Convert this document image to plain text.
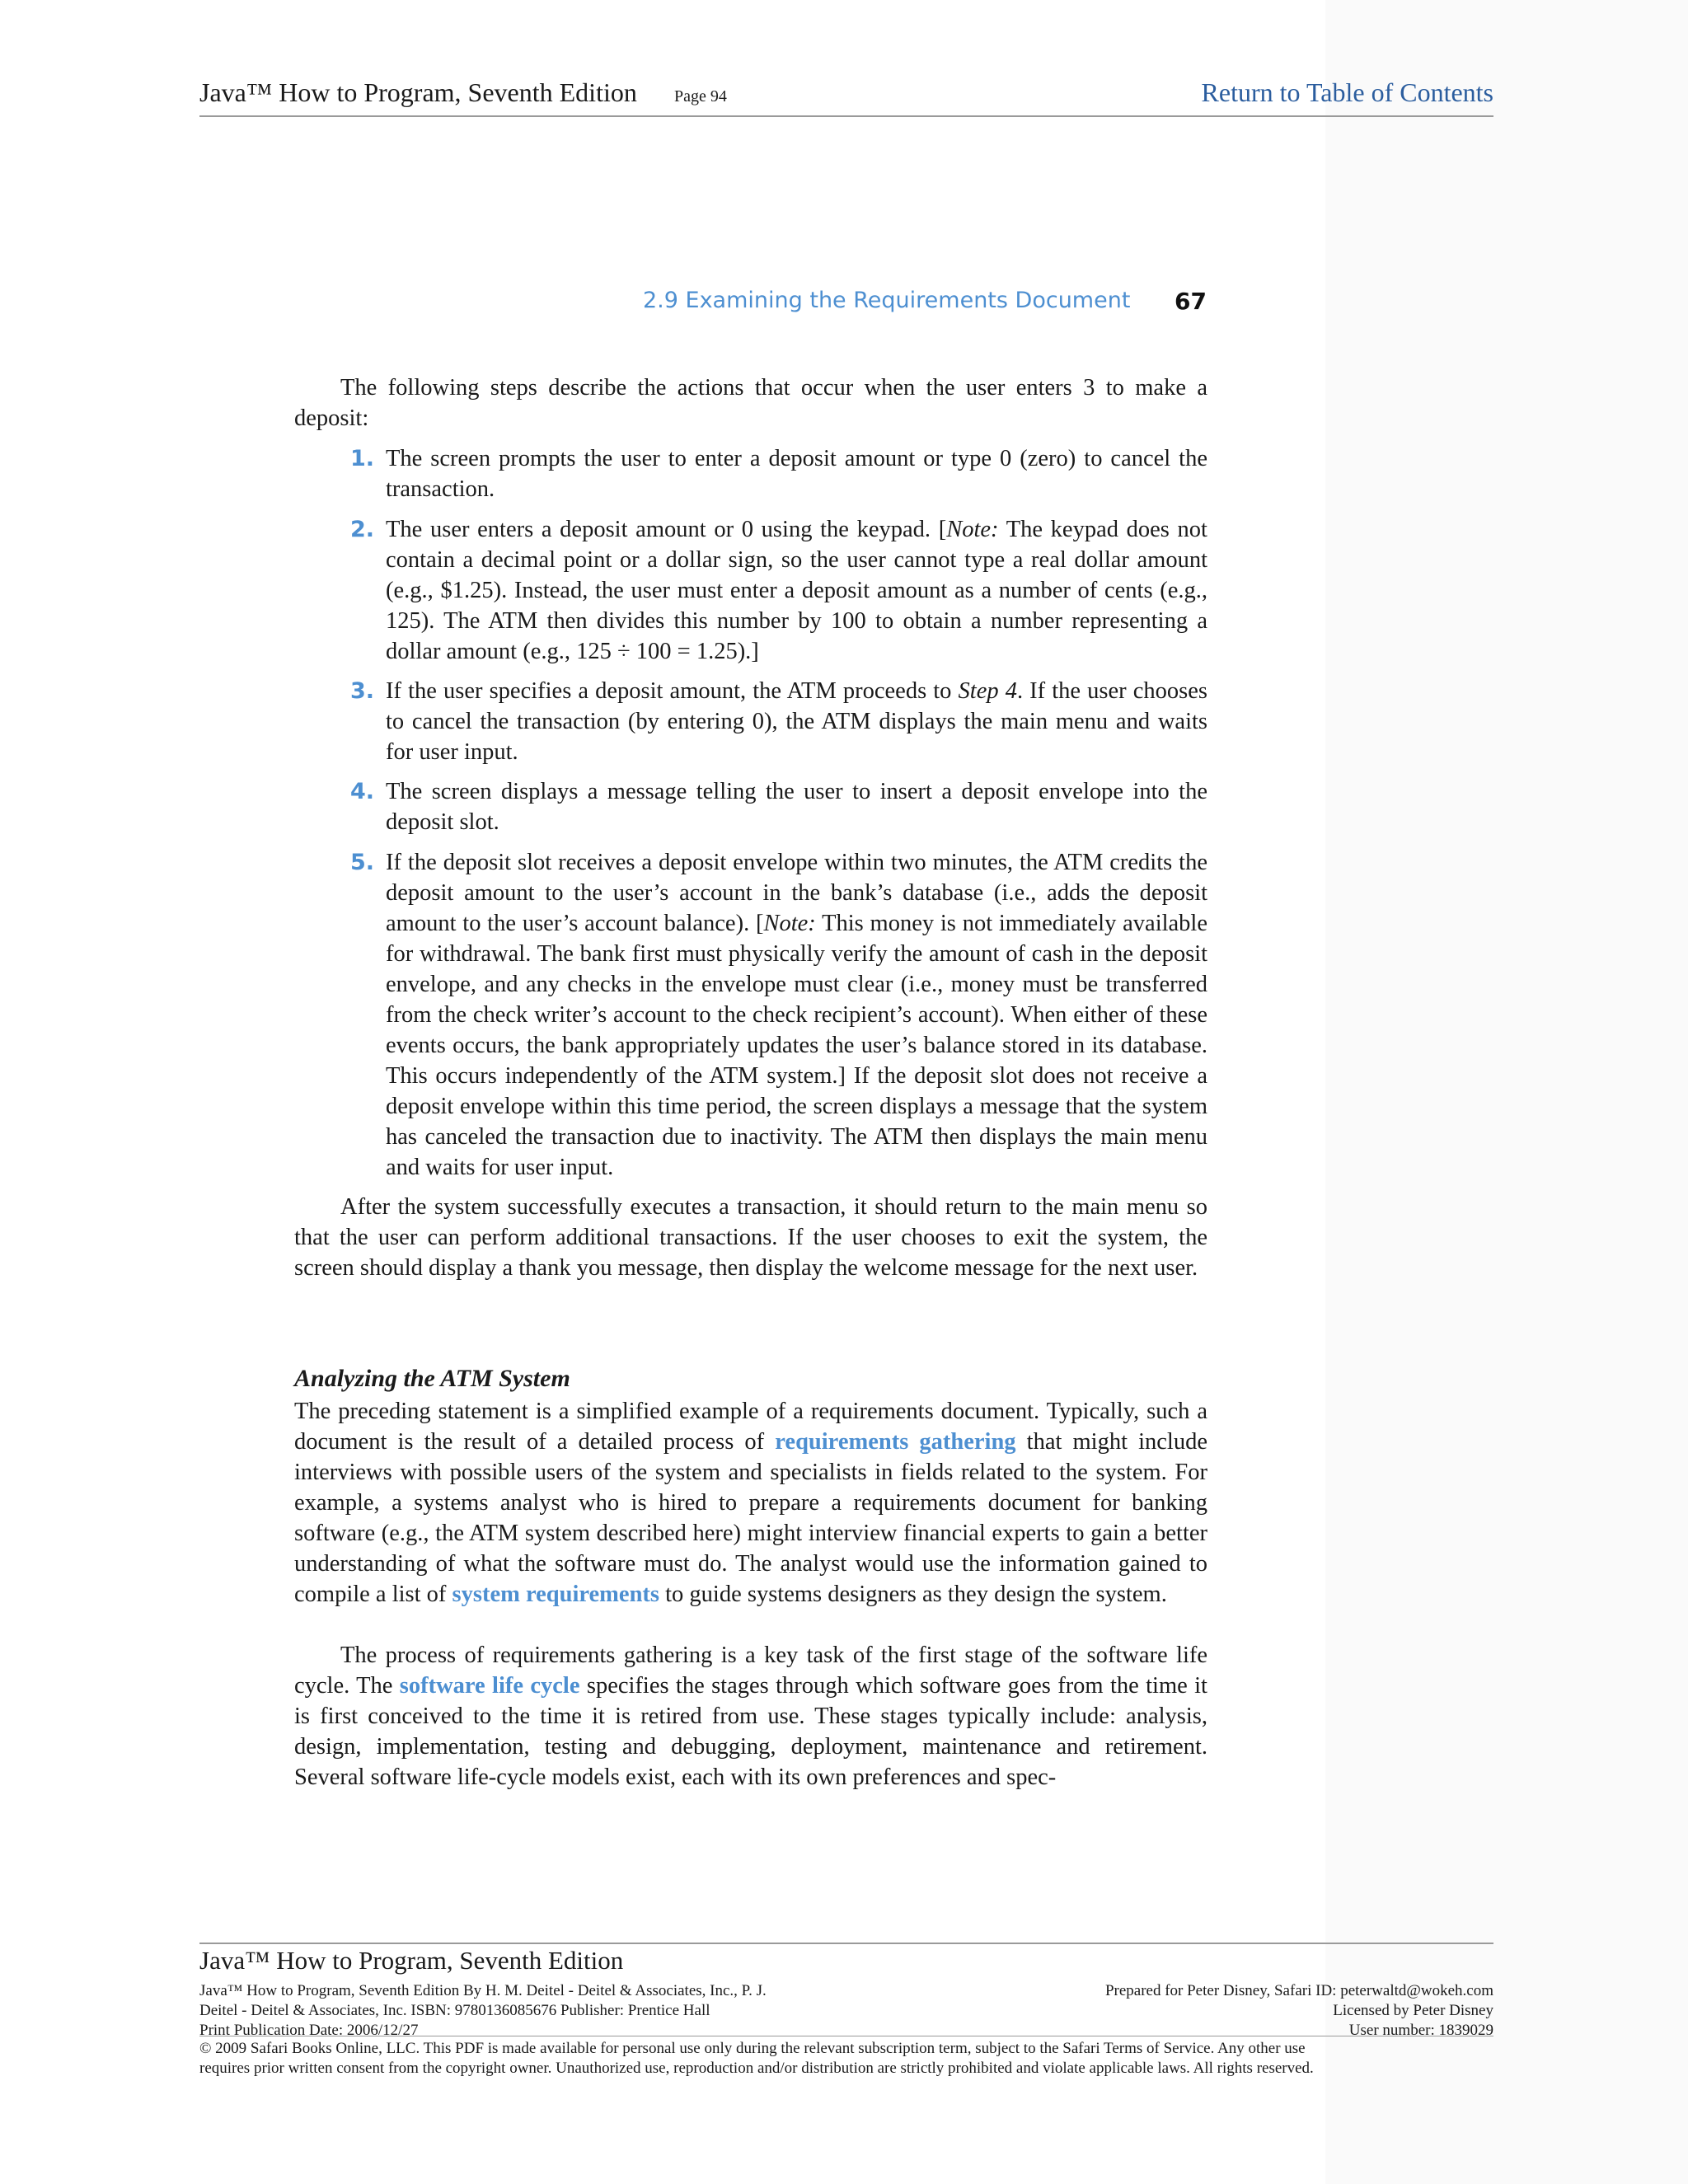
Java™ How to Program, Seventh Edition Page 94	Return to Table of Contents
2.9 Examining the Requirements Document 67
The following steps describe the actions that occur when the user enters 3 to make a deposit:
1. The screen prompts the user to enter a deposit amount or type 0 (zero) to cancel the transaction.
2. The user enters a deposit amount or 0 using the keypad. [Note: The keypad does not contain a decimal point or a dollar sign, so the user cannot type a real dollar amount (e.g., $1.25). Instead, the user must enter a deposit amount as a number of cents (e.g., 125). The ATM then divides this number by 100 to obtain a number representing a dollar amount (e.g., 125 ÷ 100 = 1.25).]
3. If the user specifies a deposit amount, the ATM proceeds to Step 4. If the user chooses to cancel the transaction (by entering 0), the ATM displays the main menu and waits for user input.
4. The screen displays a message telling the user to insert a deposit envelope into the deposit slot.
5. If the deposit slot receives a deposit envelope within two minutes, the ATM credits the deposit amount to the user’s account in the bank’s database (i.e., adds the deposit amount to the user’s account balance). [Note: This money is not immediately available for withdrawal. The bank first must physically verify the amount of cash in the deposit envelope, and any checks in the envelope must clear (i.e., money must be transferred from the check writer’s account to the check recipient’s account). When either of these events occurs, the bank appropriately updates the user’s balance stored in its database. This occurs independently of the ATM system.] If the deposit slot does not receive a deposit envelope within this time period, the screen displays a message that the system has canceled the transaction due to inactivity. The ATM then displays the main menu and waits for user input.
After the system successfully executes a transaction, it should return to the main menu so that the user can perform additional transactions. If the user chooses to exit the system, the screen should display a thank you message, then display the welcome message for the next user.
Analyzing the ATM System
The preceding statement is a simplified example of a requirements document. Typically, such a document is the result of a detailed process of requirements gathering that might include interviews with possible users of the system and specialists in fields related to the system. For example, a systems analyst who is hired to prepare a requirements document for banking software (e.g., the ATM system described here) might interview financial experts to gain a better understanding of what the software must do. The analyst would use the information gained to compile a list of system requirements to guide systems designers as they design the system.
The process of requirements gathering is a key task of the first stage of the software life cycle. The software life cycle specifies the stages through which software goes from the time it is first conceived to the time it is retired from use. These stages typically include: analysis, design, implementation, testing and debugging, deployment, maintenance and retirement. Several software life-cycle models exist, each with its own preferences and spec-
Java™ How to Program, Seventh Edition
Java™ How to Program, Seventh Edition By H. M. Deitel - Deitel & Associates, Inc., P. J.
Deitel - Deitel & Associates, Inc. ISBN: 9780136085676 Publisher: Prentice Hall
Print Publication Date: 2006/12/27
Prepared for Peter Disney, Safari ID: peterwaltd@wokeh.com
Licensed by Peter Disney
User number: 1839029
© 2009 Safari Books Online, LLC. This PDF is made available for personal use only during the relevant subscription term, subject to the Safari Terms of Service. Any other use
requires prior written consent from the copyright owner. Unauthorized use, reproduction and/or distribution are strictly prohibited and violate applicable laws. All rights reserved.
